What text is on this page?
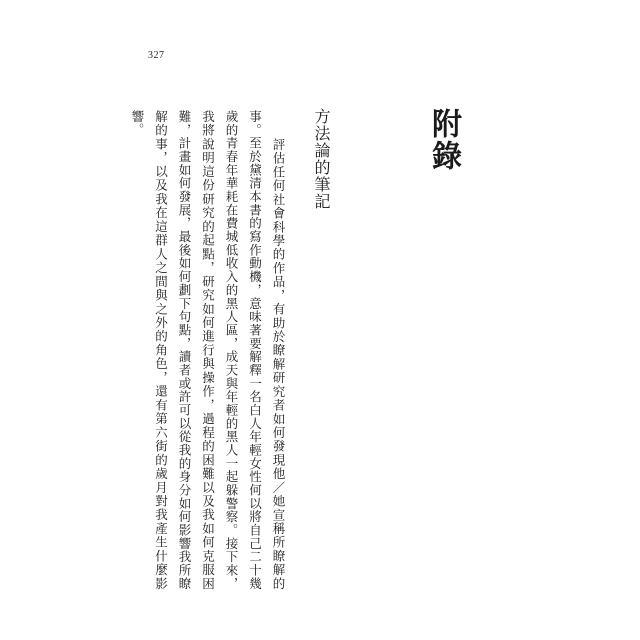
327
附錄
方法論的筆記
評估任何社會科學的作品，有助於瞭解研究者如何發現他／她宣稱所瞭解的事。至於黛清本書的寫作動機，意味著要解釋一名白人年輕女性何以將自己二十幾歲的青春年華耗在費城低收入的黑人區，成天與年輕的黑人一起躲警察。接下來，我將說明這份研究的起點，研究如何進行與操作，過程的困難以及我如何克服困難，計畫如何發展，最後如何劃下句點，讀者或許可以從我的身分如何影響我所瞭解的事，以及我在這群人之間與之外的角色，還有第六街的歲月對我產生什麼影響。
